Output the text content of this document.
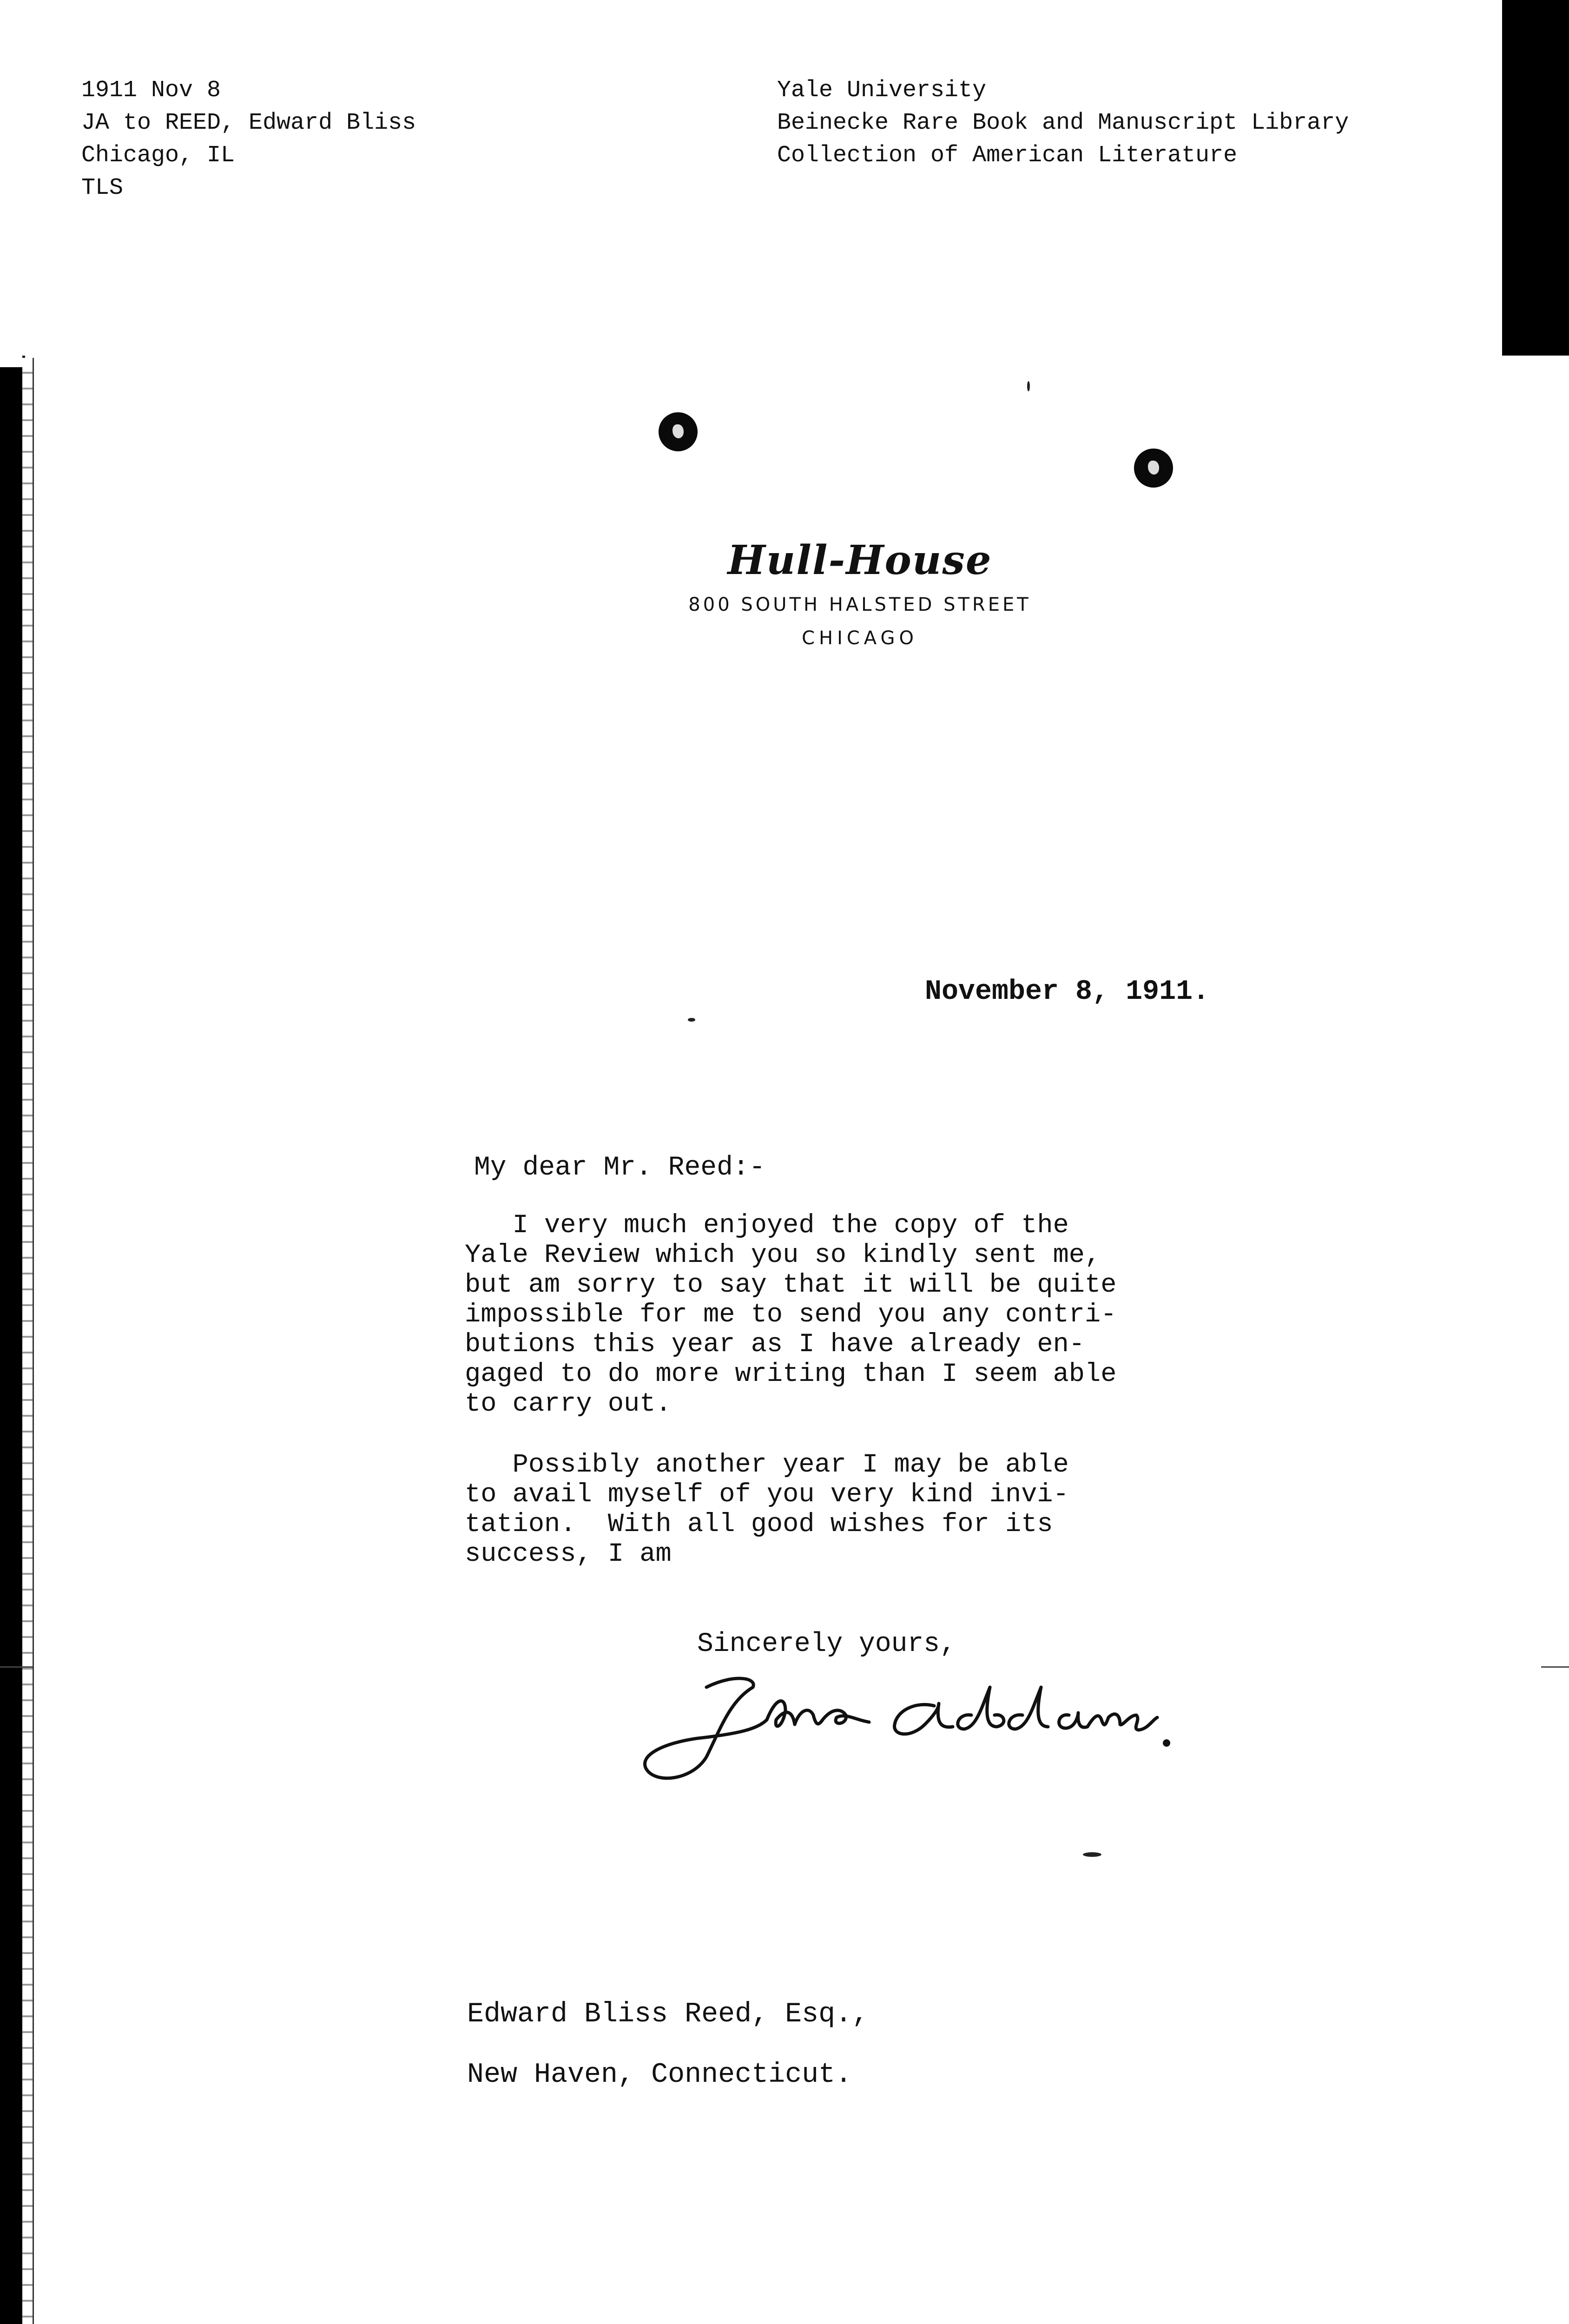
1911 Nov 8
JA to REED, Edward Bliss
Chicago, IL
TLS
Yale University
Beinecke Rare Book and Manuscript Library
Collection of American Literature
Hull-House
800 SOUTH HALSTED STREET
CHICAGO
November 8, 1911.
My dear Mr. Reed:-
I very much enjoyed the copy of the
Yale Review which you so kindly sent me,
but am sorry to say that it will be quite
impossible for me to send you any contri-
butions this year as I have already en-
gaged to do more writing than I seem able
to carry out.
Possibly another year I may be able
to avail myself of you very kind invi-
tation.  With all good wishes for its
success, I am
Sincerely yours,
Edward Bliss Reed, Esq.,
New Haven, Connecticut.
